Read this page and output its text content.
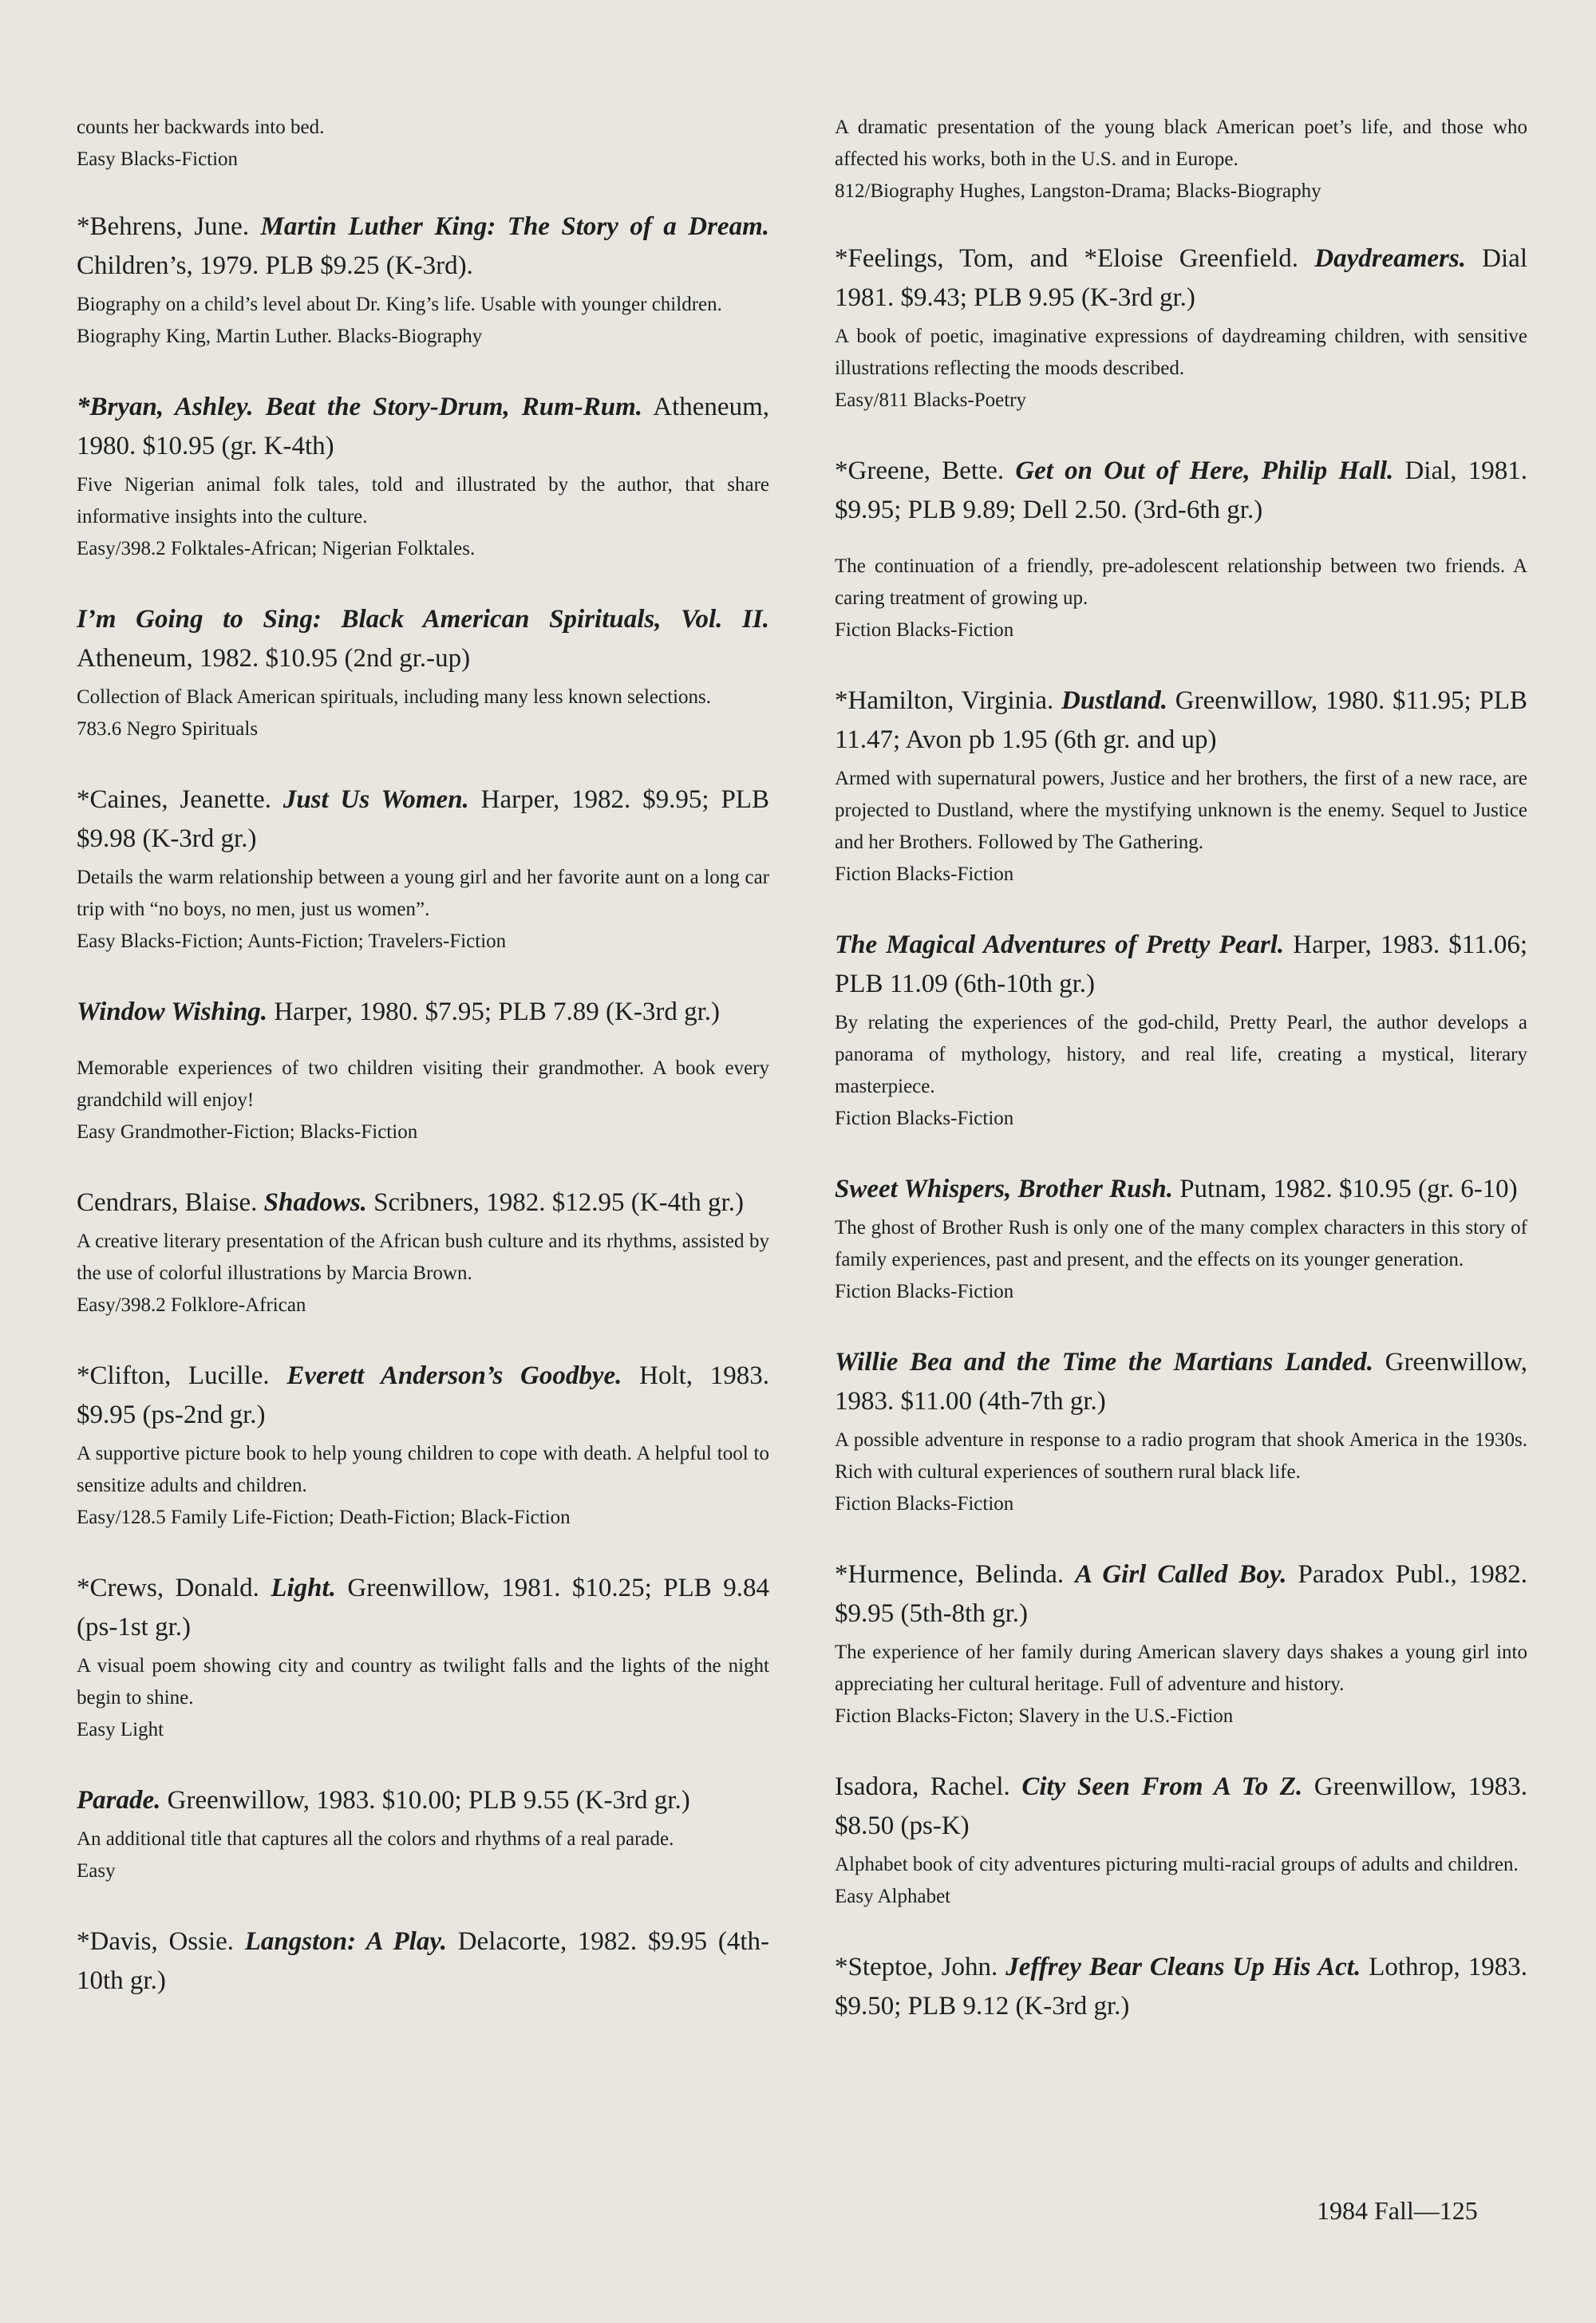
counts her backwards into bed.

Easy Blacks-Fiction

*Behrens, June. Martin Luther King: The Story of a Dream. Children’s, 1979. PLB $9.25 (K-3rd).

Biography on a child’s level about Dr. King’s life. Usable with younger children.

Biography King, Martin Luther. Blacks-Biography

*Bryan, Ashley. Beat the Story-Drum, Rum-Rum. Atheneum, 1980. $10.95 (gr. K-4th)

Five Nigerian animal folk tales, told and illustrated by the author, that share informative insights into the culture.

Easy/398.2 Folktales-African; Nigerian Folktales.

I’m Going to Sing: Black American Spirituals, Vol. II. Atheneum, 1982. $10.95 (2nd gr.-up)

Collection of Black American spirituals, including many less known selections.

783.6 Negro Spirituals

*Caines, Jeanette. Just Us Women. Harper, 1982. $9.95; PLB $9.98 (K-3rd gr.)

Details the warm relationship between a young girl and her favorite aunt on a long car trip with “no boys, no men, just us women”.

Easy Blacks-Fiction; Aunts-Fiction; Travelers-Fiction

Window Wishing. Harper, 1980. $7.95; PLB 7.89 (K-3rd gr.)

Memorable experiences of two children visiting their grandmother. A book every grandchild will enjoy!

Easy Grandmother-Fiction; Blacks-Fiction

Cendrars, Blaise. Shadows. Scribners, 1982. $12.95 (K-4th gr.)

A creative literary presentation of the African bush culture and its rhythms, assisted by the use of colorful illustrations by Marcia Brown.

Easy/398.2 Folklore-African

*Clifton, Lucille. Everett Anderson’s Goodbye. Holt, 1983. $9.95 (ps-2nd gr.)

A supportive picture book to help young children to cope with death. A helpful tool to sensitize adults and children.

Easy/128.5 Family Life-Fiction; Death-Fiction; Black-Fiction

*Crews, Donald. Light. Greenwillow, 1981. $10.25; PLB 9.84 (ps-1st gr.)

A visual poem showing city and country as twilight falls and the lights of the night begin to shine.

Easy Light

Parade. Greenwillow, 1983. $10.00; PLB 9.55 (K-3rd gr.)

An additional title that captures all the colors and rhythms of a real parade.

Easy

*Davis, Ossie. Langston: A Play. Delacorte, 1982. $9.95 (4th-10th gr.)

A dramatic presentation of the young black American poet’s life, and those who affected his works, both in the U.S. and in Europe.

812/Biography Hughes, Langston-Drama; Blacks-Biography

*Feelings, Tom, and *Eloise Greenfield. Daydreamers. Dial 1981. $9.43; PLB 9.95 (K-3rd gr.)

A book of poetic, imaginative expressions of daydreaming children, with sensitive illustrations reflecting the moods described.

Easy/811 Blacks-Poetry

*Greene, Bette. Get on Out of Here, Philip Hall. Dial, 1981. $9.95; PLB 9.89; Dell 2.50. (3rd-6th gr.)

The continuation of a friendly, pre-adolescent relationship between two friends. A caring treatment of growing up.

Fiction Blacks-Fiction

*Hamilton, Virginia. Dustland. Greenwillow, 1980. $11.95; PLB 11.47; Avon pb 1.95 (6th gr. and up)

Armed with supernatural powers, Justice and her brothers, the first of a new race, are projected to Dustland, where the mystifying unknown is the enemy. Sequel to Justice and her Brothers. Followed by The Gathering.

Fiction Blacks-Fiction

The Magical Adventures of Pretty Pearl. Harper, 1983. $11.06; PLB 11.09 (6th-10th gr.)

By relating the experiences of the god-child, Pretty Pearl, the author develops a panorama of mythology, history, and real life, creating a mystical, literary masterpiece.

Fiction Blacks-Fiction

Sweet Whispers, Brother Rush. Putnam, 1982. $10.95 (gr. 6-10)

The ghost of Brother Rush is only one of the many complex characters in this story of family experiences, past and present, and the effects on its younger generation.

Fiction Blacks-Fiction

Willie Bea and the Time the Martians Landed. Greenwillow, 1983. $11.00 (4th-7th gr.)

A possible adventure in response to a radio program that shook America in the 1930s. Rich with cultural experiences of southern rural black life.

Fiction Blacks-Fiction

*Hurmence, Belinda. A Girl Called Boy. Paradox Publ., 1982. $9.95 (5th-8th gr.)

The experience of her family during American slavery days shakes a young girl into appreciating her cultural heritage. Full of adventure and history.

Fiction Blacks-Ficton; Slavery in the U.S.-Fiction

Isadora, Rachel. City Seen From A To Z. Greenwillow, 1983. $8.50 (ps-K)

Alphabet book of city adventures picturing multi-racial groups of adults and children.

Easy Alphabet

*Steptoe, John. Jeffrey Bear Cleans Up His Act. Lothrop, 1983. $9.50; PLB 9.12 (K-3rd gr.)

1984 Fall—125
